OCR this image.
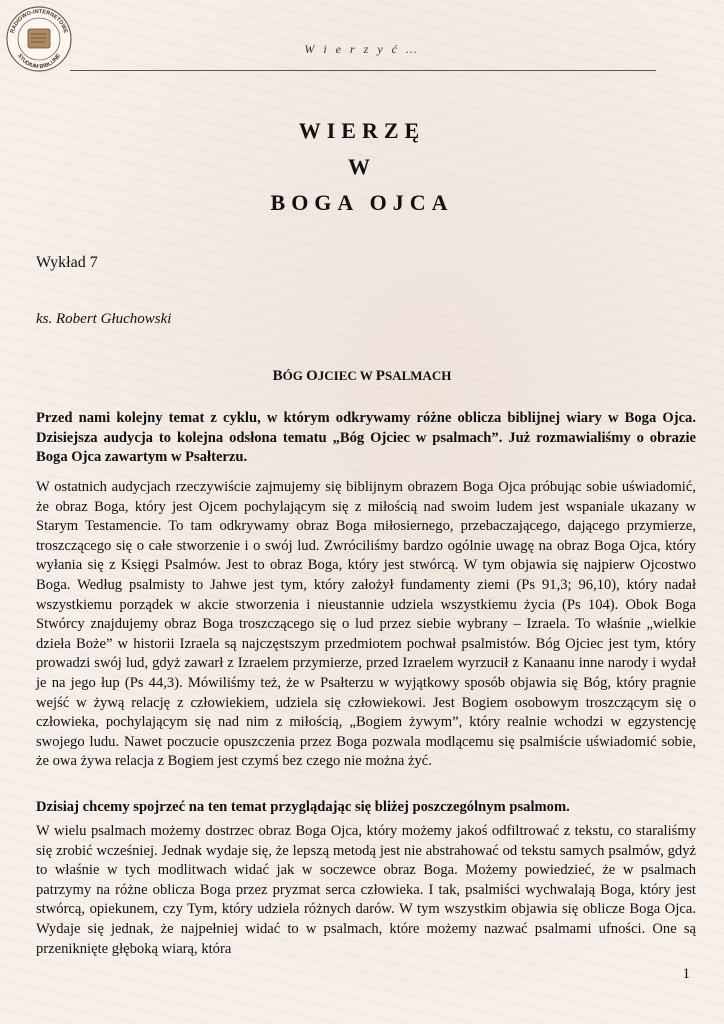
RADIOWO-INTERNETOWE
STUDIUM BIBLIJNE
W i e r z y ć …
WIERZĘ
W
BOGA OJCA
Wykład 7
ks. Robert Głuchowski
BÓG OJCIEC W PSALMACH

Przed nami kolejny temat z cyklu, w którym odkrywamy różne oblicza biblijnej wiary w Boga Ojca. Dzisiejsza audycja to kolejna odsłona tematu „Bóg Ojciec w psalmach”. Już rozmawialiśmy o obrazie Boga Ojca zawartym w Psałterzu.

W ostatnich audycjach rzeczywiście zajmujemy się biblijnym obrazem Boga Ojca próbując sobie uświadomić, że obraz Boga, który jest Ojcem pochylającym się z miłością nad swoim ludem jest wspaniale ukazany w Starym Testamencie. To tam odkrywamy obraz Boga miłosiernego, przebaczającego, dającego przymierze, troszczącego się o całe stworzenie i o swój lud. Zwróciliśmy bardzo ogólnie uwagę na obraz Boga Ojca, który wyłania się z Księgi Psalmów. Jest to obraz Boga, który jest stwórcą. W tym objawia się najpierw Ojcostwo Boga. Według psalmisty to Jahwe jest tym, który założył fundamenty ziemi (Ps 91,3; 96,10), który nadał wszystkiemu porządek w akcie stworzenia i nieustannie udziela wszystkiemu życia (Ps 104). Obok Boga Stwórcy znajdujemy obraz Boga troszczącego się o lud przez siebie wybrany – Izraela. To właśnie „wielkie dzieła Boże” w historii Izraela są najczęstszym przedmiotem pochwał psalmistów. Bóg Ojciec jest tym, który prowadzi swój lud, gdyż zawarł z Izraelem przymierze, przed Izraelem wyrzucił z Kanaanu inne narody i wydał je na jego łup (Ps 44,3). Mówiliśmy też, że w Psałterzu w wyjątkowy sposób objawia się Bóg, który pragnie wejść w żywą relację z człowiekiem, udziela się człowiekowi. Jest Bogiem osobowym troszczącym się o człowieka, pochylającym się nad nim z miłością, „Bogiem żywym”, który realnie wchodzi w egzystencję swojego ludu. Nawet poczucie opuszczenia przez Boga pozwala modlącemu się psalmiście uświadomić sobie, że owa żywa relacja z Bogiem jest czymś bez czego nie można żyć.

Dzisiaj chcemy spojrzeć na ten temat przyglądając się bliżej poszczególnym psalmom.

W wielu psalmach możemy dostrzec obraz Boga Ojca, który możemy jakoś odfiltrować z tekstu, co staraliśmy się zrobić wcześniej. Jednak wydaje się, że lepszą metodą jest nie abstrahować od tekstu samych psalmów, gdyż to właśnie w tych modlitwach widać jak w soczewce obraz Boga. Możemy powiedzieć, że w psalmach patrzymy na różne oblicza Boga przez pryzmat serca człowieka. I tak, psalmiści wychwalają Boga, który jest stwórcą, opiekunem, czy Tym, który udziela różnych darów. W tym wszystkim objawia się oblicze Boga Ojca. Wydaje się jednak, że najpełniej widać to w psalmach, które możemy nazwać psalmami ufności. One są przeniknięte głęboką wiarą, która

1
